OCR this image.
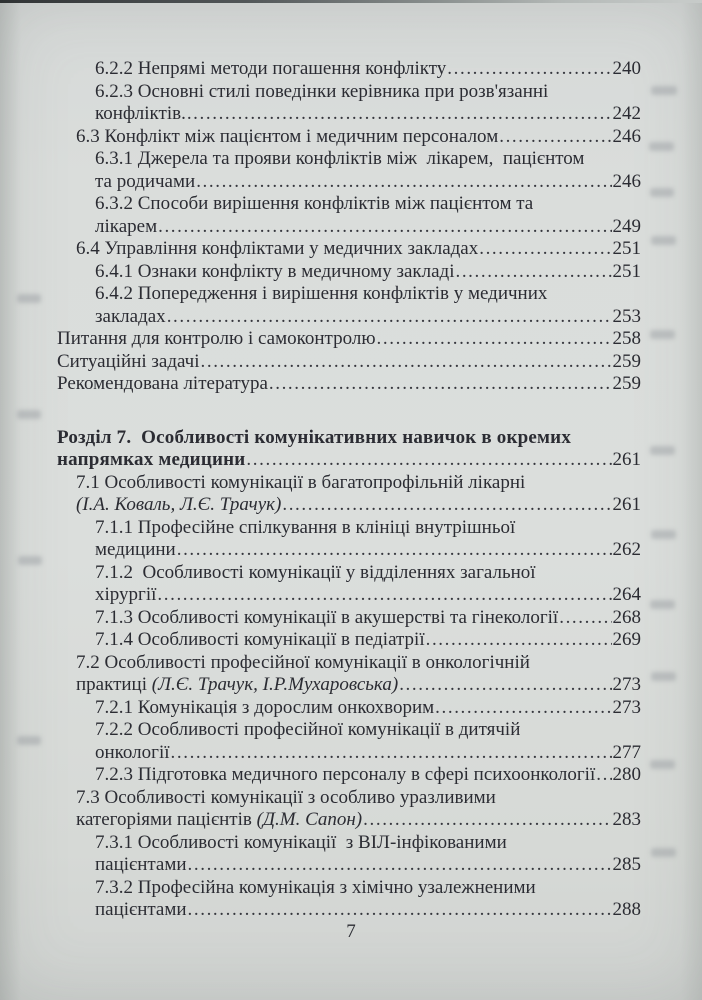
6.2.2 Непрямі методи погашення конфлікту .....	240
6.2.3 Основні стилі поведінки керівника при розв'язанні
конфліктів. .....	242
6.3 Конфлікт між пацієнтом і медичним персоналом .....	246
6.3.1 Джерела та прояви конфліктів між  лікарем,  пацієнтом
та родичами .....	246
6.3.2 Способи вирішення конфліктів між пацієнтом та
лікарем .....	249
6.4 Управління конфліктами у медичних закладах .....	251
6.4.1 Ознаки конфлікту в медичному закладі .....	251
6.4.2 Попередження і вирішення конфліктів у медичних
закладах .....	253
Питання для контролю і самоконтролю .....	258
Ситуаційні задачі .....	259
Рекомендована література .....	259
Розділ 7.  Особливості комунікативних навичок в окремих
напрямках медицини .....	261
7.1 Особливості комунікації в багатопрофільній лікарні
(І.А. Коваль, Л.Є. Трачук) .....	261
7.1.1 Професійне спілкування в клініці внутрішньої
медицини .....	262
7.1.2  Особливості комунікації у відділеннях загальної
хірургії .....	264
7.1.3 Особливості комунікації в акушерстві та гінекології .....	268
7.1.4 Особливості комунікації в педіатрії .....	269
7.2 Особливості професійної комунікації в онкологічній
практиці (Л.Є. Трачук, І.Р.Мухаровська) .....	273
7.2.1 Комунікація з дорослим онкохворим .....	273
7.2.2 Особливості професійної комунікації в дитячій
онкології .....	277
7.2.3 Підготовка медичного персоналу в сфері психоонкології ..... 280
7.3 Особливості комунікації з особливо уразливими
категоріями пацієнтів (Д.М. Сапон) .....	283
7.3.1 Особливості комунікації  з ВІЛ-інфікованими
пацієнтами .....	285
7.3.2 Професійна комунікація з хімічно узалежненими
пацієнтами .....	288
7
